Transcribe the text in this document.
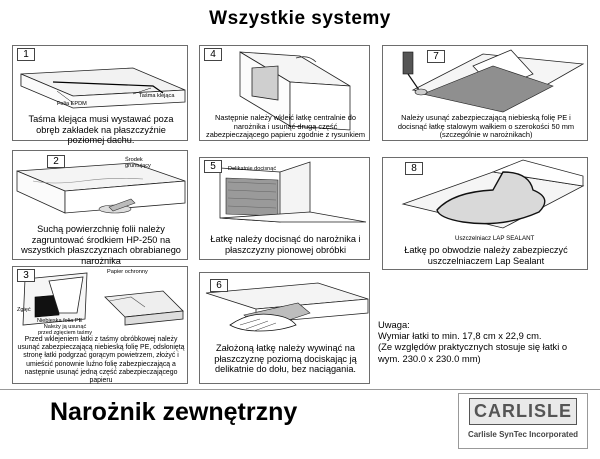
Wszystkie systemy
1
Taśma klejąca
Folia EPDM
Taśma klejąca musi wystawać poza obręb zakładek na płaszczyźnie poziomej dachu.
2	Środek gruntujący
Suchą powierzchnię folii należy zagruntować środkiem HP-250 na wszystkich płaszczyznach obrabianego narożnika
3	Papier ochronny
Zgięć
Niebieska folia PE
Należy ją usunąć przed zgięciem taśmy
Przed wklejeniem łatki z taśmy obróbkowej należy usunąć zabezpieczającą niebieską folię PE, odsłoniętą stronę łatki podgrzać gorącym powietrzem, złożyć i umieścić ponownie luźno folię zabezpieczającą a następnie usunąć jedną część zabezpieczającego papieru
4
Następnie należy wkleić łatkę centralnie do narożnika i usunąć drugą część zabezpieczającego papieru zgodnie z rysunkiem
5	Delikatnie docisnąć
Łatkę należy docisnąć do narożnika i płaszczyzny pionowej obróbki
6
Założoną łatkę należy wywinąć na płaszczyznę poziomą dociskając ją delikatnie do dołu, bez naciągania.
7
Należy usunąć zabezpieczającą niebieską folię PE i docisnąć łatkę stalowym wałkiem o szerokości 50 mm (szczególnie w narożnikach)
8
Uszczelniacz LAP SEALANT
Łatkę po obwodzie należy zabezpieczyć uszczelniaczem Lap Sealant
Uwaga:
Wymiar łatki to min. 17,8 cm x 22,9 cm.
(Ze względów praktycznych stosuje się łatki o wym. 230.0 x 230.0 mm)
Narożnik zewnętrzny	CARLISLE
Carlisle SynTec Incorporated
